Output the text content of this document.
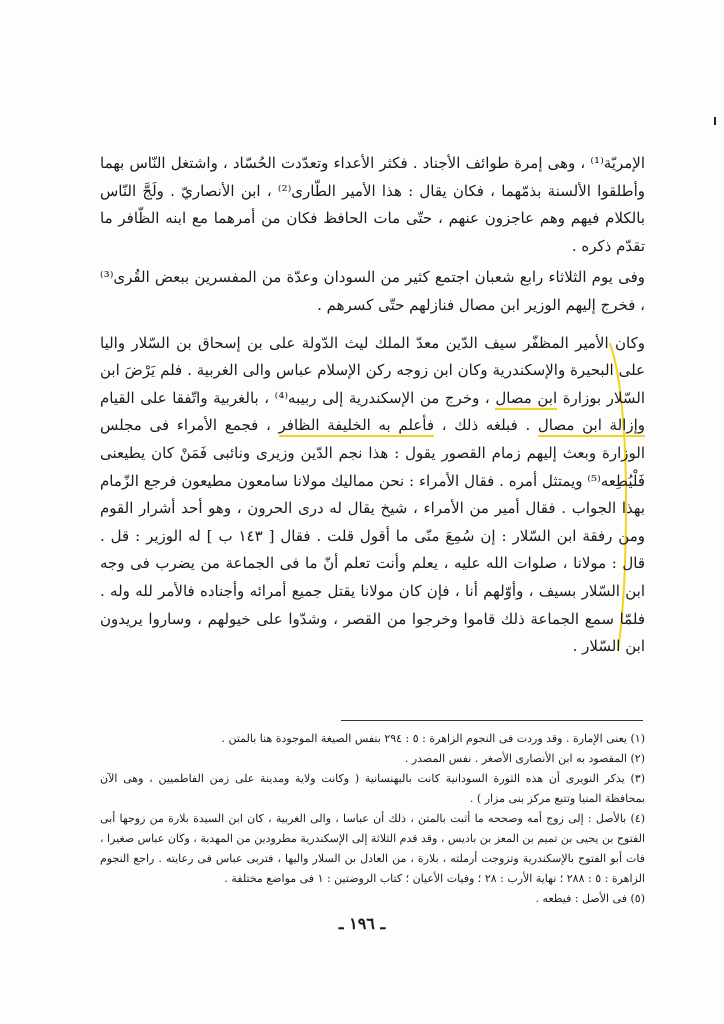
الإمريّة⁽¹⁾ ، وهى إمرة طوائف الأجناد . فكثر الأعداء وتعدّدت الحُسّاد ، واشتغل النّاس بهما وأطلقوا الألسنة بذمّهما ، فكان يقال : هذا الأمير الطّارى⁽²⁾ ، ابن الأنصاريّ . ولَجَّ النّاس بالكلام فيهم وهم عاجزون عنهم ، حتّى مات الحافظ فكان من أمرهما مع ابنه الظّافر ما تقدّم ذكره .

وفى يوم الثلاثاء رابع شعبان اجتمع كثير من السودان وعدّة من المفسرين ببعض القُرى⁽³⁾ ، فخرج إليهم الوزير ابن مصال فنازلهم حتّى كسرهم .

وكان الأمير المظفّر سيف الدّين معدّ الملك ليث الدّولة على بن إسحاق بن السّلار واليا على البحيرة والإسكندرية وكان ابن زوجه ركن الإسلام عباس والى الغربية . فلم يَرْضَ ابن السّلار بوزارة ابن مصال ، وخرج من الإسكندرية إلى ربيبه⁽⁴⁾ ، بالغربية واتّفقا على القيام وإزالة ابن مصال . فبلغه ذلك ، فأعلم به الخليفة الظافر ، فجمع الأمراء فى مجلس الوزارة وبعث إليهم زمام القصور يقول : هذا نجم الدّين وزيرى ونائبى فَمَنْ كان يطيعنى فَلْيُطِعه⁽⁵⁾ ويمتثل أمره . فقال الأمراء : نحن مماليك مولانا سامعون مطيعون فرجع الزّمام بهذا الجواب . فقال أمير من الأمراء ، شيخ يقال له درى الحرون ، وهو أحد أشرار القوم ومن رفقة ابن السّلار : إن سُمِعَ منّى ما أقول قلت . فقال [ ١٤٣ ب ] له الوزير : قل . قال : مولانا ، صلوات الله عليه ، يعلم وأنت تعلم أنّ ما فى الجماعة من يضرب فى وجه ابن السّلار بسيف ، وأوّلهم أنا ، فإن كان مولانا يقتل جميع أمرائه وأجناده فالأمر لله وله . فلمّا سمع الجماعة ذلك قاموا وخرجوا من القصر ، وشدّوا على خيولهم ، وساروا يريدون ابن السّلار .

(١) يعنى الإمارة . وقد وردت فى النجوم الزاهرة : ٥ : ٢٩٤ بنفس الصيغة الموجودة هنا بالمتن .

(٢) المقصود به ابن الأنصارى الأصغر . نفس المصدر .

(٣) يذكر النويرى أن هذه الثورة السودانية كانت بالبهنسانية ( وكانت ولاية ومدينة على زمن الفاطميين ، وهى الآن بمحافظة المنيا وتتبع مركز بنى مزار ) .

(٤) بالأصل : إلى زوج أمه وصححه ما أثبت بالمتن ، ذلك أن عباسا ، والى الغربية ، كان ابن السيدة بلارة من زوجها أبى الفتوح بن يحيى بن تميم بن المعز بن باديس ، وقد قدم الثلاثة إلى الإسكندرية مطرودين من المهدية ، وكان عباس صغيرا ، فات أبو الفتوح بالإسكندرية وتزوجت أرملته ، بلارة ، من العادل بن السلار واليها ، فتربى عباس فى رعايته . راجع النجوم الزاهرة : ٥ : ٢٨٨ ؛ نهاية الأرب : ٢٨ ؛ وفيات الأعيان ؛ كتاب الروضتين : ١ فى مواضع مختلفة .

(٥) فى الأصل : فيطعه .

ـ ١٩٦ ـ
